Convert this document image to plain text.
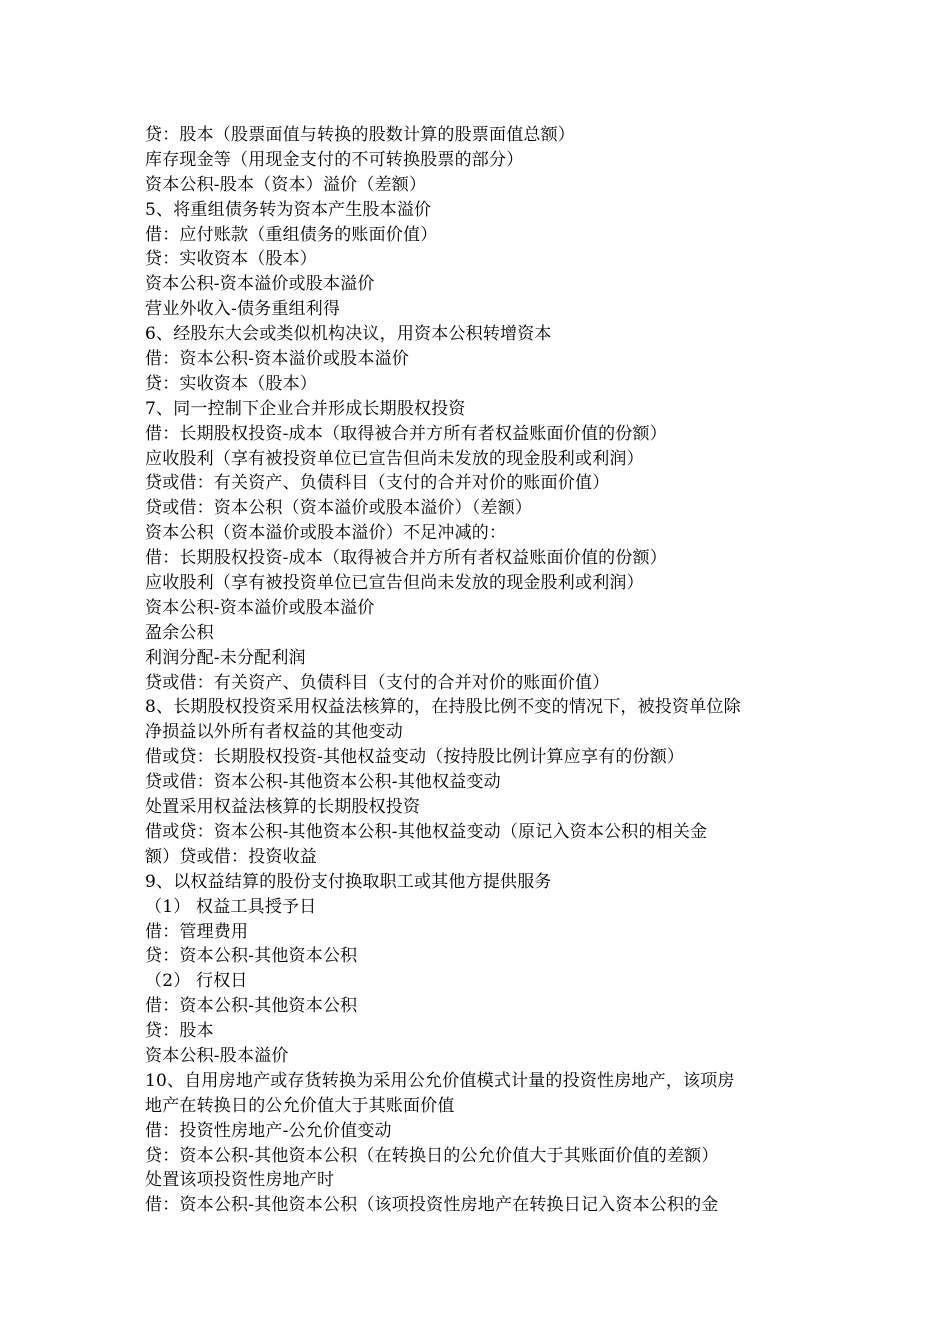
贷：股本（股票面值与转换的股数计算的股票面值总额）
库存现金等（用现金支付的不可转换股票的部分）
资本公积-股本（资本）溢价（差额）
5、将重组债务转为资本产生股本溢价
借：应付账款（重组债务的账面价值）
贷：实收资本（股本）
资本公积-资本溢价或股本溢价
营业外收入-债务重组利得
6、经股东大会或类似机构决议，用资本公积转增资本
借：资本公积-资本溢价或股本溢价
贷：实收资本（股本）
7、同一控制下企业合并形成长期股权投资
借：长期股权投资-成本（取得被合并方所有者权益账面价值的份额）
应收股利（享有被投资单位已宣告但尚未发放的现金股利或利润）
贷或借：有关资产、负债科目（支付的合并对价的账面价值）
贷或借：资本公积（资本溢价或股本溢价）（差额）
资本公积（资本溢价或股本溢价）不足冲减的：
借：长期股权投资-成本（取得被合并方所有者权益账面价值的份额）
应收股利（享有被投资单位已宣告但尚未发放的现金股利或利润）
资本公积-资本溢价或股本溢价
盈余公积
利润分配-未分配利润
贷或借：有关资产、负债科目（支付的合并对价的账面价值）
8、长期股权投资采用权益法核算的，在持股比例不变的情况下，被投资单位除
净损益以外所有者权益的其他变动
借或贷：长期股权投资-其他权益变动（按持股比例计算应享有的份额）
贷或借：资本公积-其他资本公积-其他权益变动
处置采用权益法核算的长期股权投资
借或贷：资本公积-其他资本公积-其他权益变动（原记入资本公积的相关金
额）贷或借：投资收益
9、以权益结算的股份支付换取职工或其他方提供服务
（1） 权益工具授予日
借：管理费用
贷：资本公积-其他资本公积
（2） 行权日
借：资本公积-其他资本公积
贷：股本
资本公积-股本溢价
10、自用房地产或存货转换为采用公允价值模式计量的投资性房地产，该项房
地产在转换日的公允价值大于其账面价值
借：投资性房地产-公允价值变动
贷：资本公积-其他资本公积（在转换日的公允价值大于其账面价值的差额）
处置该项投资性房地产时
借：资本公积-其他资本公积（该项投资性房地产在转换日记入资本公积的金
